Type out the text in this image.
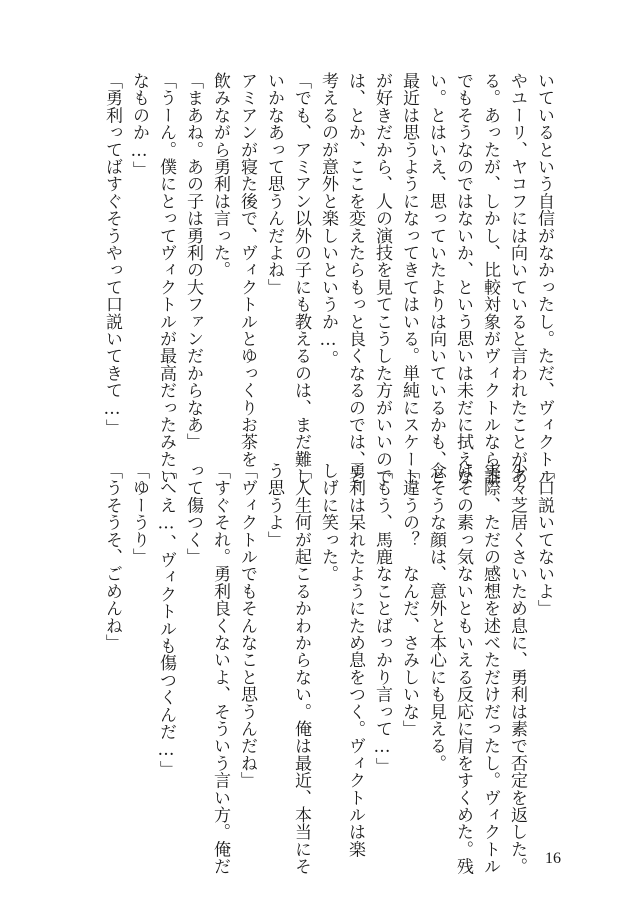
いているという自信がなかったし。ただ、ヴィクトル
やユーリ、ヤコフには向いていると言われたことがあ
る。あったが、しかし、比較対象がヴィクトルなら誰
でもそうなのではないか、という思いは未だに拭えな
い。とはいえ、思っていたよりは向いているかも、と
最近は思うようになってきてはいる。単純にスケート
が好きだから、人の演技を見てこうした方がいいので
は、とか、ここを変えたらもっと良くなるのでは、と
考えるのが意外と楽しいというか…。
「でも、アミアン以外の子にも教えるのは、まだ難し
いかなあって思うんだよね」
アミアンが寝た後で、ヴィクトルとゆっくりお茶を
飲みながら勇利は言った。
「まあね。あの子は勇利の大ファンだからなあ」
「うーん。僕にとってヴィクトルが最高だったみたい
なものか…」
「勇利ってばすぐそうやって口説いてきて…」
「口説いてないよ」
少々芝居くさいため息に、勇利は素で否定を返した。
実際、ただの感想を述べただけだったし。ヴィクトル
はその素っ気ないともいえる反応に肩をすくめた。残
念そうな顔は、意外と本心にも見える。
「違うの？　なんだ、さみしいな」
「もう、馬鹿なことばっかり言って…」
勇利は呆れたようにため息をつく。ヴィクトルは楽
しげに笑った。
「人生何が起こるかわからない。俺は最近、本当にそ
う思うよ」
「ヴィクトルでもそんなこと思うんだね」
「すぐそれ。勇利良くないよ、そういう言い方。俺だ
って傷つく」
「へえ…、ヴィクトルも傷つくんだ…」
「ゆーうり」
「うそうそ、ごめんね」
16
